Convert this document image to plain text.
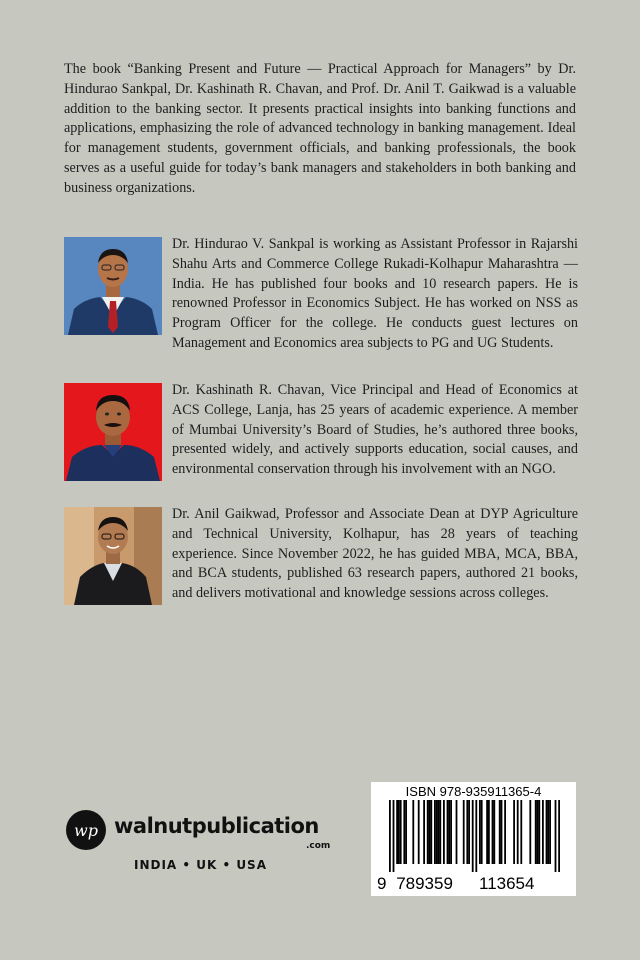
The book “Banking Present and Future — Practical Approach for Managers” by Dr. Hindurao Sankpal, Dr. Kashinath R. Chavan, and Prof. Dr. Anil T. Gaikwad is a valuable addition to the banking sector. It presents practical insights into banking functions and applications, emphasizing the role of advanced technology in banking management. Ideal for management students, government officials, and banking professionals, the book serves as a useful guide for today’s bank managers and stakeholders in both banking and business organizations.

Dr. Hindurao V. Sankpal is working as Assistant Professor in Rajarshi Shahu Arts and Commerce College Rukadi-Kolhapur Maharashtra — India. He has published four books and 10 research papers. He is renowned Professor in Economics Subject. He has worked on NSS as Program Officer for the college. He conducts guest lectures on Management and Economics area subjects to PG and UG Students.

Dr. Kashinath R. Chavan, Vice Principal and Head of Economics at ACS College, Lanja, has 25 years of academic experience. A member of Mumbai University’s Board of Studies, he’s authored three books, presented widely, and actively supports education, social causes, and environmental conservation through his involvement with an NGO.

Dr. Anil Gaikwad, Professor and Associate Dean at DYP Agriculture and Technical University, Kolhapur, has 28 years of teaching experience. Since November 2022, he has guided MBA, MCA, BBA, and BCA students, published 63 research papers, authored 21 books, and delivers motivational and knowledge sessions across colleges.

wp walnutpublication
.com
INDIA • UK • USA
ISBN 978-935911365-4
9 789359 113654
